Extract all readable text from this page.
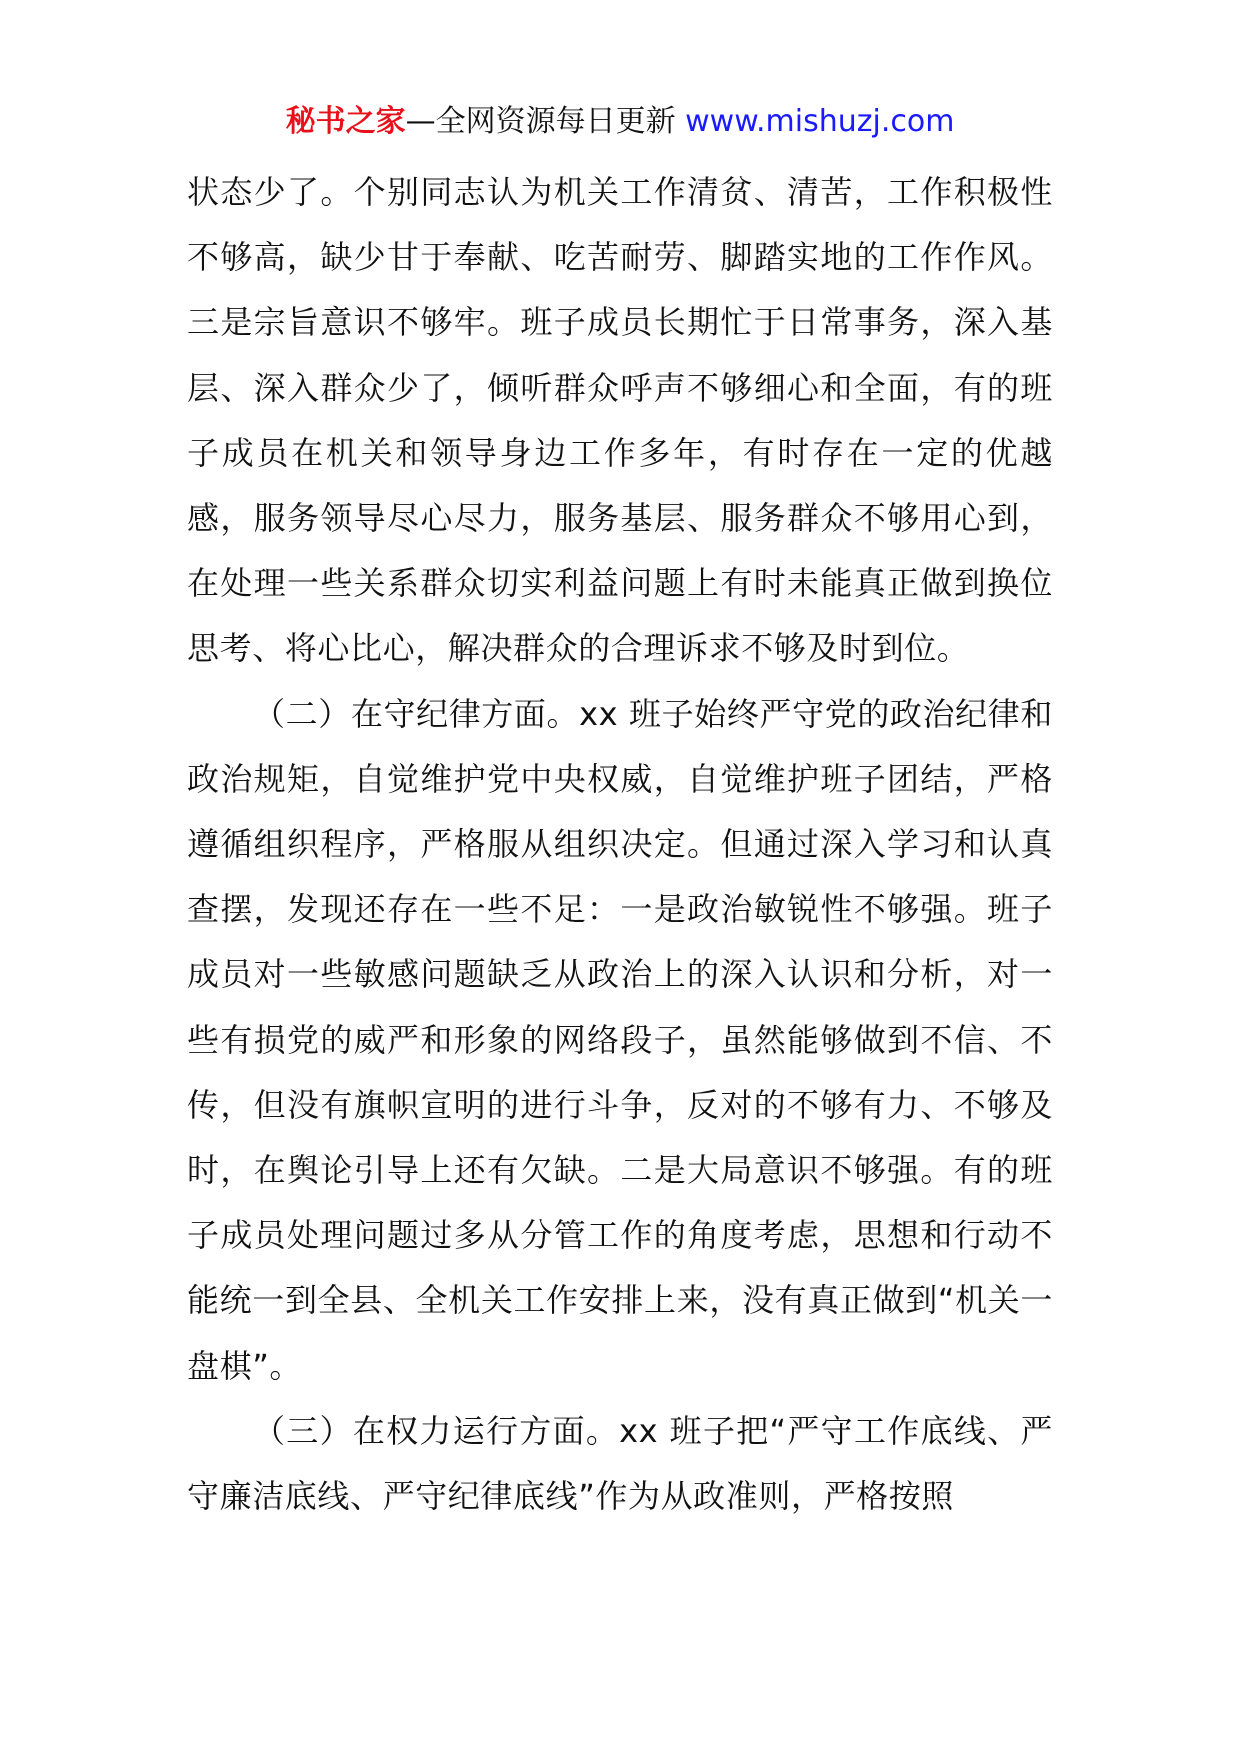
秘书之家—全网资源每日更新 www.mishuzj.com

状态少了。个别同志认为机关工作清贫、清苦，工作积极性不够高，缺少甘于奉献、吃苦耐劳、脚踏实地的工作作风。三是宗旨意识不够牢。班子成员长期忙于日常事务，深入基层、深入群众少了，倾听群众呼声不够细心和全面，有的班子成员在机关和领导身边工作多年，有时存在一定的优越感，服务领导尽心尽力，服务基层、服务群众不够用心到，在处理一些关系群众切实利益问题上有时未能真正做到换位思考、将心比心，解决群众的合理诉求不够及时到位。

（二）在守纪律方面。xx 班子始终严守党的政治纪律和政治规矩，自觉维护党中央权威，自觉维护班子团结，严格遵循组织程序，严格服从组织决定。但通过深入学习和认真查摆，发现还存在一些不足：一是政治敏锐性不够强。班子成员对一些敏感问题缺乏从政治上的深入认识和分析，对一些有损党的威严和形象的网络段子，虽然能够做到不信、不传，但没有旗帜宣明的进行斗争，反对的不够有力、不够及时，在舆论引导上还有欠缺。二是大局意识不够强。有的班子成员处理问题过多从分管工作的角度考虑，思想和行动不能统一到全县、全机关工作安排上来，没有真正做到“机关一盘棋”。

（三）在权力运行方面。xx 班子把“严守工作底线、严守廉洁底线、严守纪律底线”作为从政准则，严格按照
